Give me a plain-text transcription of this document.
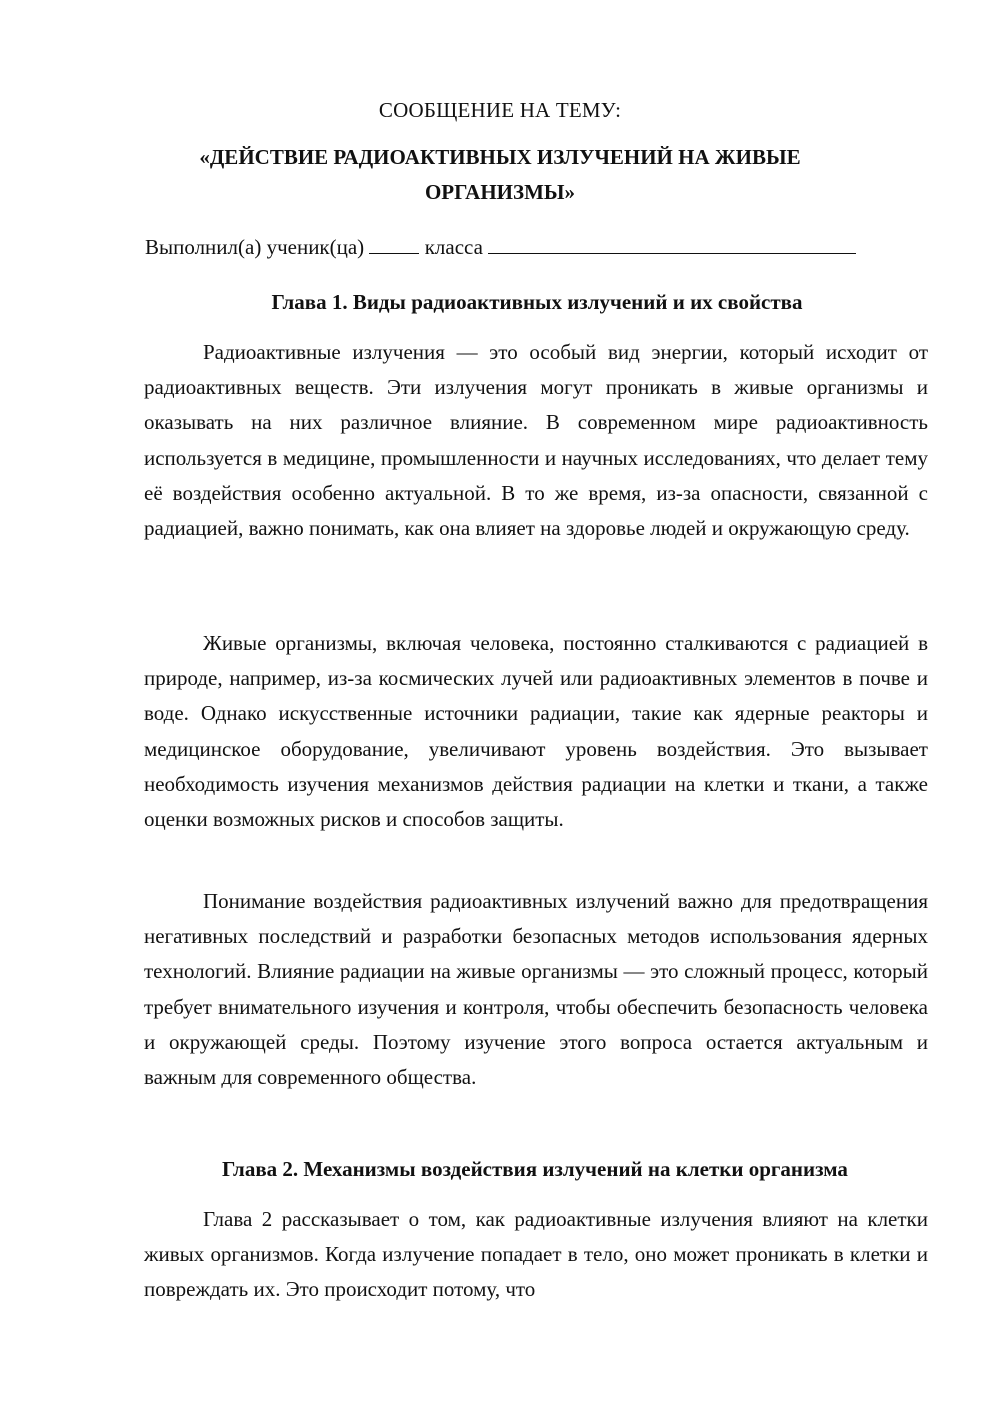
СООБЩЕНИЕ НА ТЕМУ:
«ДЕЙСТВИЕ РАДИОАКТИВНЫХ ИЗЛУЧЕНИЙ НА ЖИВЫЕ
ОРГАНИЗМЫ»
Выполнил(а) ученик(ца)	класса
Глава 1. Виды радиоактивных излучений и их свойства

Радиоактивные излучения — это особый вид энергии, который исходит от радиоактивных веществ. Эти излучения могут проникать в живые организмы и оказывать на них различное влияние. В современном мире радиоактивность используется в медицине, промышленности и научных исследованиях, что делает тему её воздействия особенно актуальной. В то же время, из-за опасности, связанной с радиацией, важно понимать, как она влияет на здоровье людей и окружающую среду.

Живые организмы, включая человека, постоянно сталкиваются с радиацией в природе, например, из-за космических лучей или радиоактивных элементов в почве и воде. Однако искусственные источники радиации, такие как ядерные реакторы и медицинское оборудование, увеличивают уровень воздействия. Это вызывает необходимость изучения механизмов действия радиации на клетки и ткани, а также оценки возможных рисков и способов защиты.

Понимание воздействия радиоактивных излучений важно для предотвращения негативных последствий и разработки безопасных методов использования ядерных технологий. Влияние радиации на живые организмы — это сложный процесс, который требует внимательного изучения и контроля, чтобы обеспечить безопасность человека и окружающей среды. Поэтому изучение этого вопроса остается актуальным и важным для современного общества.

Глава 2. Механизмы воздействия излучений на клетки организма

Глава 2 рассказывает о том, как радиоактивные излучения влияют на клетки живых организмов. Когда излучение попадает в тело, оно может проникать в клетки и повреждать их. Это происходит потому, что
